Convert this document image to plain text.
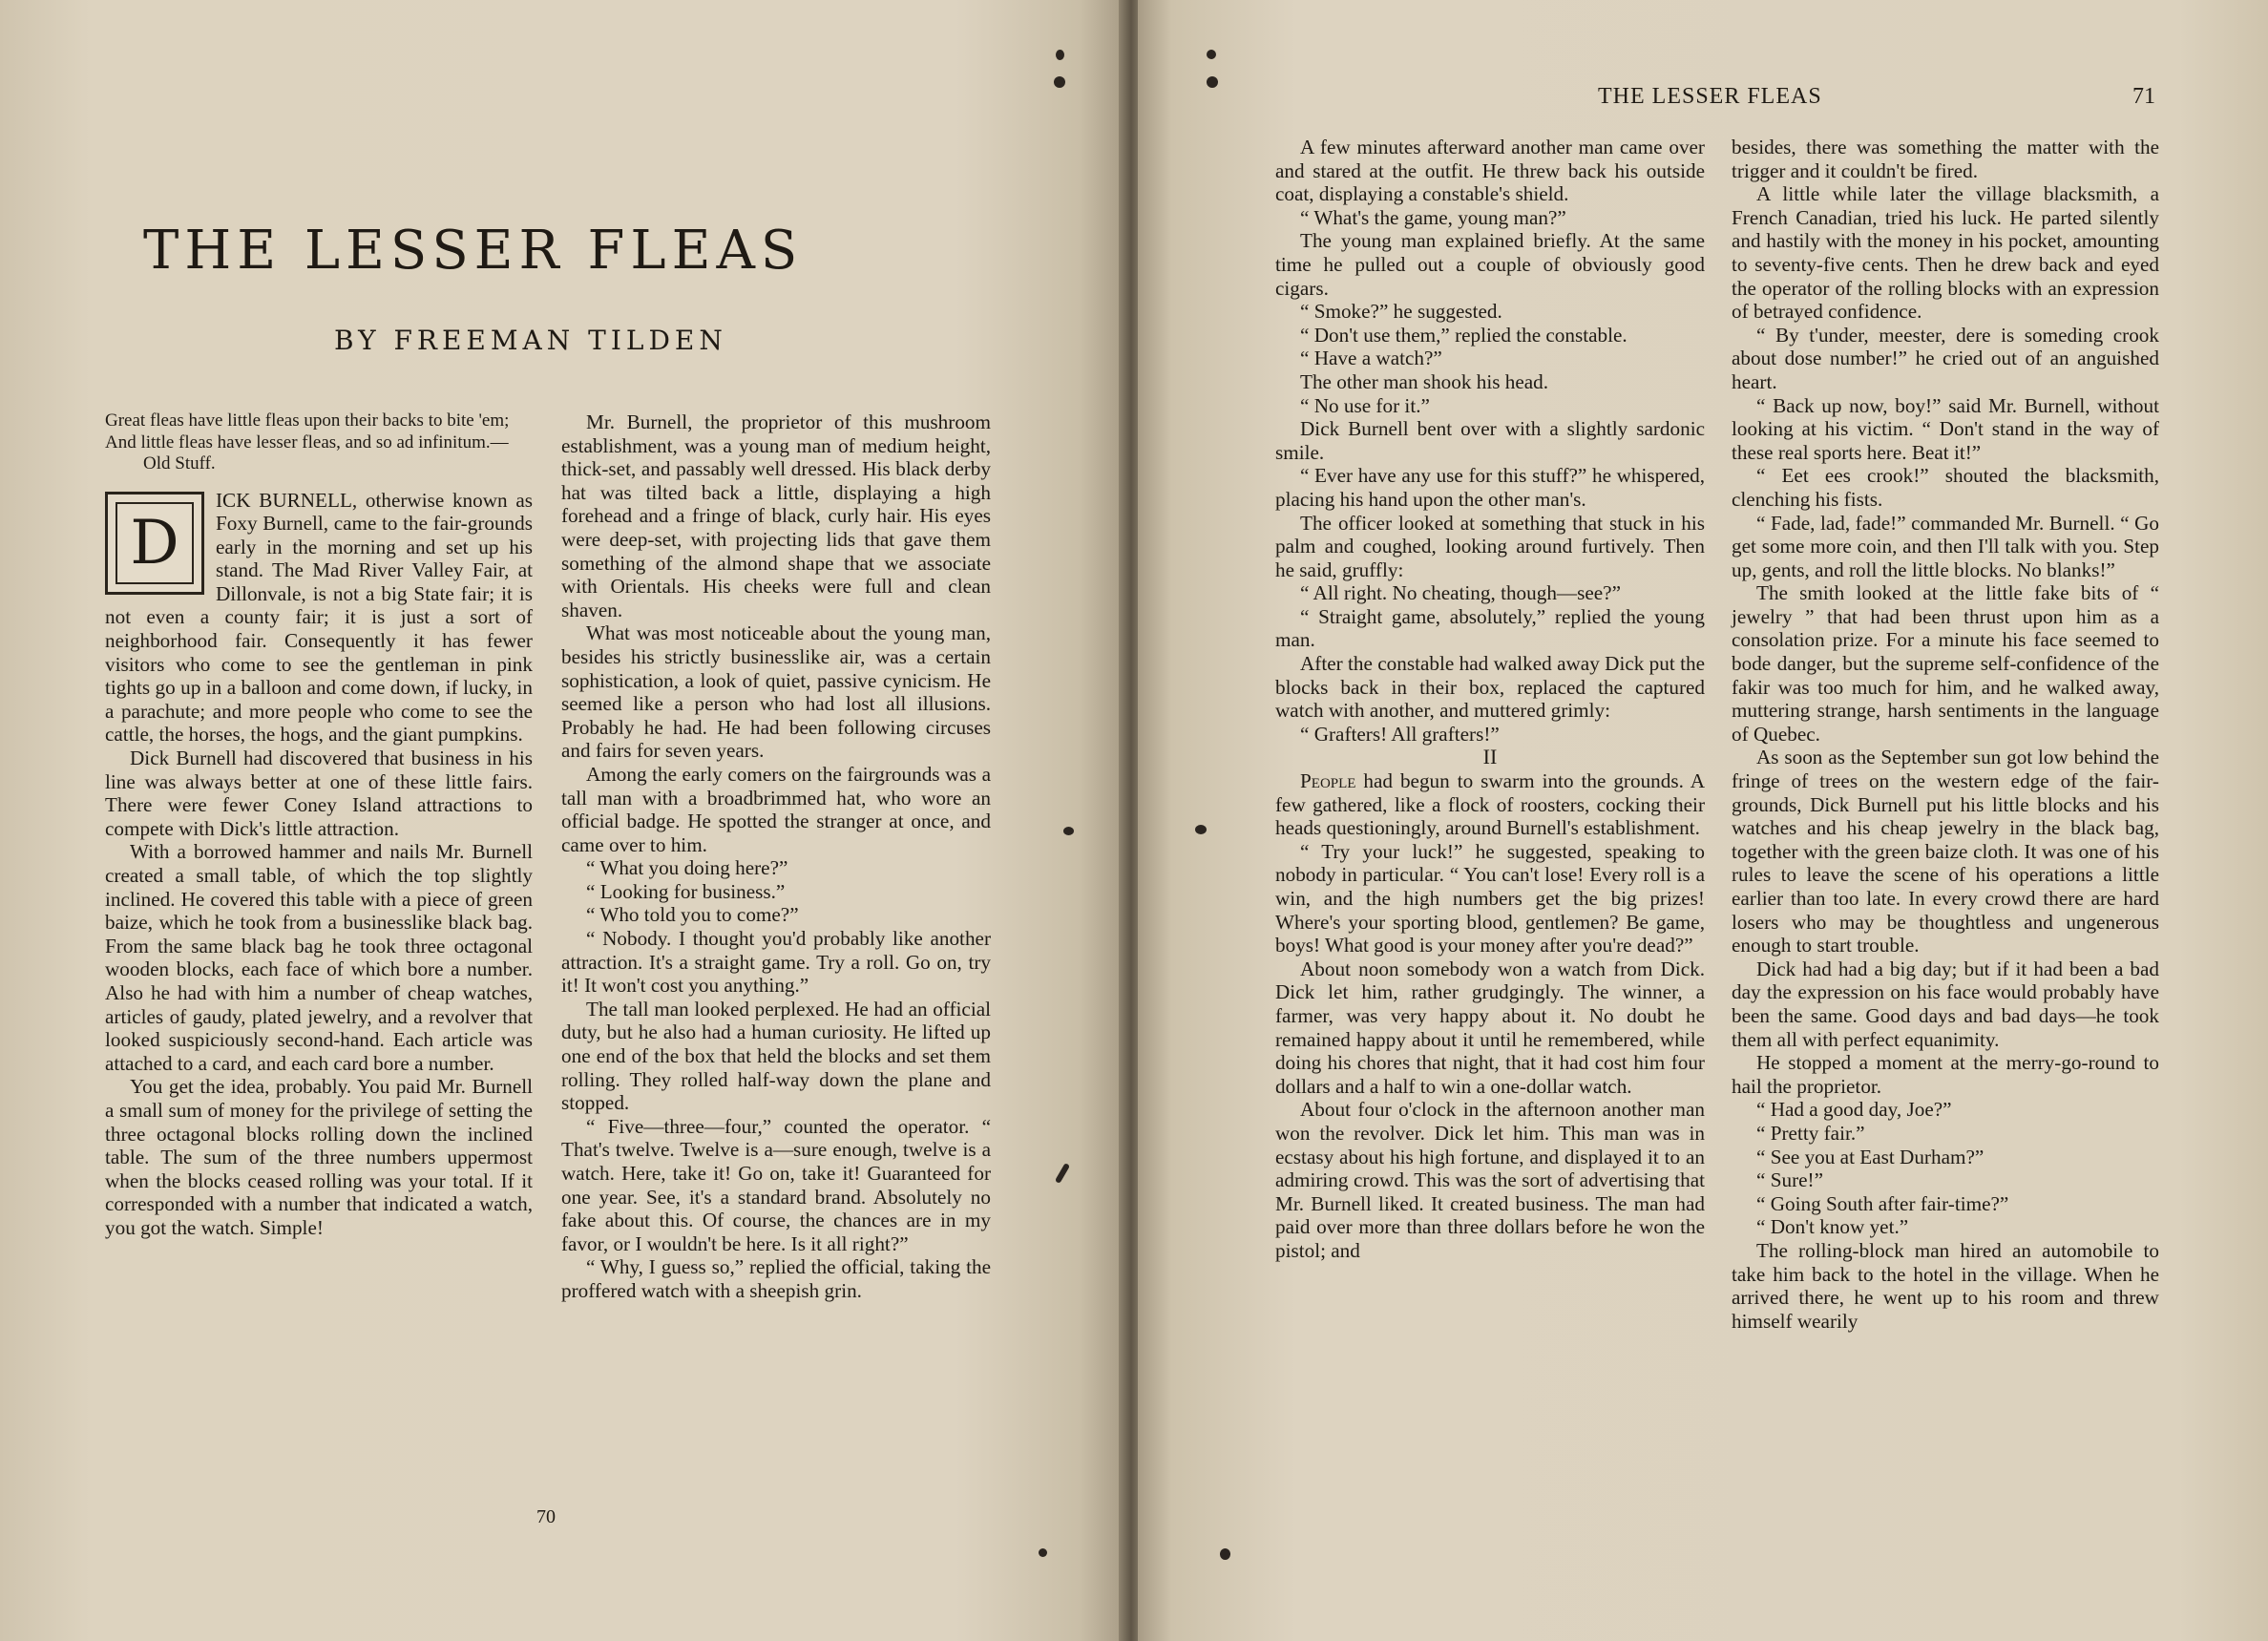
THE LESSER FLEAS
BY FREEMAN TILDEN
Great fleas have little fleas upon their backs to bite 'em;
And little fleas have lesser fleas, and so ad infinitum.—Old Stuff.
D

ICK BURNELL, otherwise known as Foxy Burnell, came to the fair-grounds early in the morning and set up his stand. The Mad River Valley Fair, at Dillonvale, is not a big State fair; it is not even a county fair; it is just a sort of neighborhood fair. Consequently it has fewer visitors who come to see the gentleman in pink tights go up in a balloon and come down, if lucky, in a parachute; and more people who come to see the cattle, the horses, the hogs, and the giant pumpkins.

Dick Burnell had discovered that business in his line was always better at one of these little fairs. There were fewer Coney Island attractions to compete with Dick's little attraction.

With a borrowed hammer and nails Mr. Burnell created a small table, of which the top slightly inclined. He covered this table with a piece of green baize, which he took from a businesslike black bag. From the same black bag he took three octagonal wooden blocks, each face of which bore a number. Also he had with him a number of cheap watches, articles of gaudy, plated jewelry, and a revolver that looked suspiciously second-hand. Each article was attached to a card, and each card bore a number.

You get the idea, probably. You paid Mr. Burnell a small sum of money for the privilege of setting the three octagonal blocks rolling down the inclined table. The sum of the three numbers uppermost when the blocks ceased rolling was your total. If it corresponded with a number that indicated a watch, you got the watch. Simple!

Mr. Burnell, the proprietor of this mushroom establishment, was a young man of medium height, thick-set, and passably well dressed. His black derby hat was tilted back a little, displaying a high forehead and a fringe of black, curly hair. His eyes were deep-set, with projecting lids that gave them something of the almond shape that we associate with Orientals. His cheeks were full and clean shaven.

What was most noticeable about the young man, besides his strictly businesslike air, was a certain sophistication, a look of quiet, passive cynicism. He seemed like a person who had lost all illusions. Probably he had. He had been following circuses and fairs for seven years.

Among the early comers on the fairgrounds was a tall man with a broadbrimmed hat, who wore an official badge. He spotted the stranger at once, and came over to him.

“ What you doing here?”

“ Looking for business.”

“ Who told you to come?”

“ Nobody. I thought you'd probably like another attraction. It's a straight game. Try a roll. Go on, try it! It won't cost you anything.”

The tall man looked perplexed. He had an official duty, but he also had a human curiosity. He lifted up one end of the box that held the blocks and set them rolling. They rolled half-way down the plane and stopped.

“ Five—three—four,” counted the operator. “ That's twelve. Twelve is a—sure enough, twelve is a watch. Here, take it! Go on, take it! Guaranteed for one year. See, it's a standard brand. Absolutely no fake about this. Of course, the chances are in my favor, or I wouldn't be here. Is it all right?”

“ Why, I guess so,” replied the official, taking the proffered watch with a sheepish grin.

70
THE LESSER FLEAS	71

A few minutes afterward another man came over and stared at the outfit. He threw back his outside coat, displaying a constable's shield.

“ What's the game, young man?”

The young man explained briefly. At the same time he pulled out a couple of obviously good cigars.

“ Smoke?” he suggested.

“ Don't use them,” replied the constable.

“ Have a watch?”

The other man shook his head.

“ No use for it.”

Dick Burnell bent over with a slightly sardonic smile.

“ Ever have any use for this stuff?” he whispered, placing his hand upon the other man's.

The officer looked at something that stuck in his palm and coughed, looking around furtively. Then he said, gruffly:

“ All right. No cheating, though—see?”

“ Straight game, absolutely,” replied the young man.

After the constable had walked away Dick put the blocks back in their box, replaced the captured watch with another, and muttered grimly:

“ Grafters! All grafters!”

II

People had begun to swarm into the grounds. A few gathered, like a flock of roosters, cocking their heads questioningly, around Burnell's establishment.

“ Try your luck!” he suggested, speaking to nobody in particular. “ You can't lose! Every roll is a win, and the high numbers get the big prizes! Where's your sporting blood, gentlemen? Be game, boys! What good is your money after you're dead?”

About noon somebody won a watch from Dick. Dick let him, rather grudgingly. The winner, a farmer, was very happy about it. No doubt he remained happy about it until he remembered, while doing his chores that night, that it had cost him four dollars and a half to win a one-dollar watch.

About four o'clock in the afternoon another man won the revolver. Dick let him. This man was in ecstasy about his high fortune, and displayed it to an admiring crowd. This was the sort of advertising that Mr. Burnell liked. It created business. The man had paid over more than three dollars before he won the pistol; and

besides, there was something the matter with the trigger and it couldn't be fired.

A little while later the village blacksmith, a French Canadian, tried his luck. He parted silently and hastily with the money in his pocket, amounting to seventy-five cents. Then he drew back and eyed the operator of the rolling blocks with an expression of betrayed confidence.

“ By t'under, meester, dere is someding crook about dose number!” he cried out of an anguished heart.

“ Back up now, boy!” said Mr. Burnell, without looking at his victim. “ Don't stand in the way of these real sports here. Beat it!”

“ Eet ees crook!” shouted the blacksmith, clenching his fists.

“ Fade, lad, fade!” commanded Mr. Burnell. “ Go get some more coin, and then I'll talk with you. Step up, gents, and roll the little blocks. No blanks!”

The smith looked at the little fake bits of “ jewelry ” that had been thrust upon him as a consolation prize. For a minute his face seemed to bode danger, but the supreme self-confidence of the fakir was too much for him, and he walked away, muttering strange, harsh sentiments in the language of Quebec.

As soon as the September sun got low behind the fringe of trees on the western edge of the fair-grounds, Dick Burnell put his little blocks and his watches and his cheap jewelry in the black bag, together with the green baize cloth. It was one of his rules to leave the scene of his operations a little earlier than too late. In every crowd there are hard losers who may be thoughtless and ungenerous enough to start trouble.

Dick had had a big day; but if it had been a bad day the expression on his face would probably have been the same. Good days and bad days—he took them all with perfect equanimity.

He stopped a moment at the merry-go-round to hail the proprietor.

“ Had a good day, Joe?”

“ Pretty fair.”

“ See you at East Durham?”

“ Sure!”

“ Going South after fair-time?”

“ Don't know yet.”

The rolling-block man hired an automobile to take him back to the hotel in the village. When he arrived there, he went up to his room and threw himself wearily
